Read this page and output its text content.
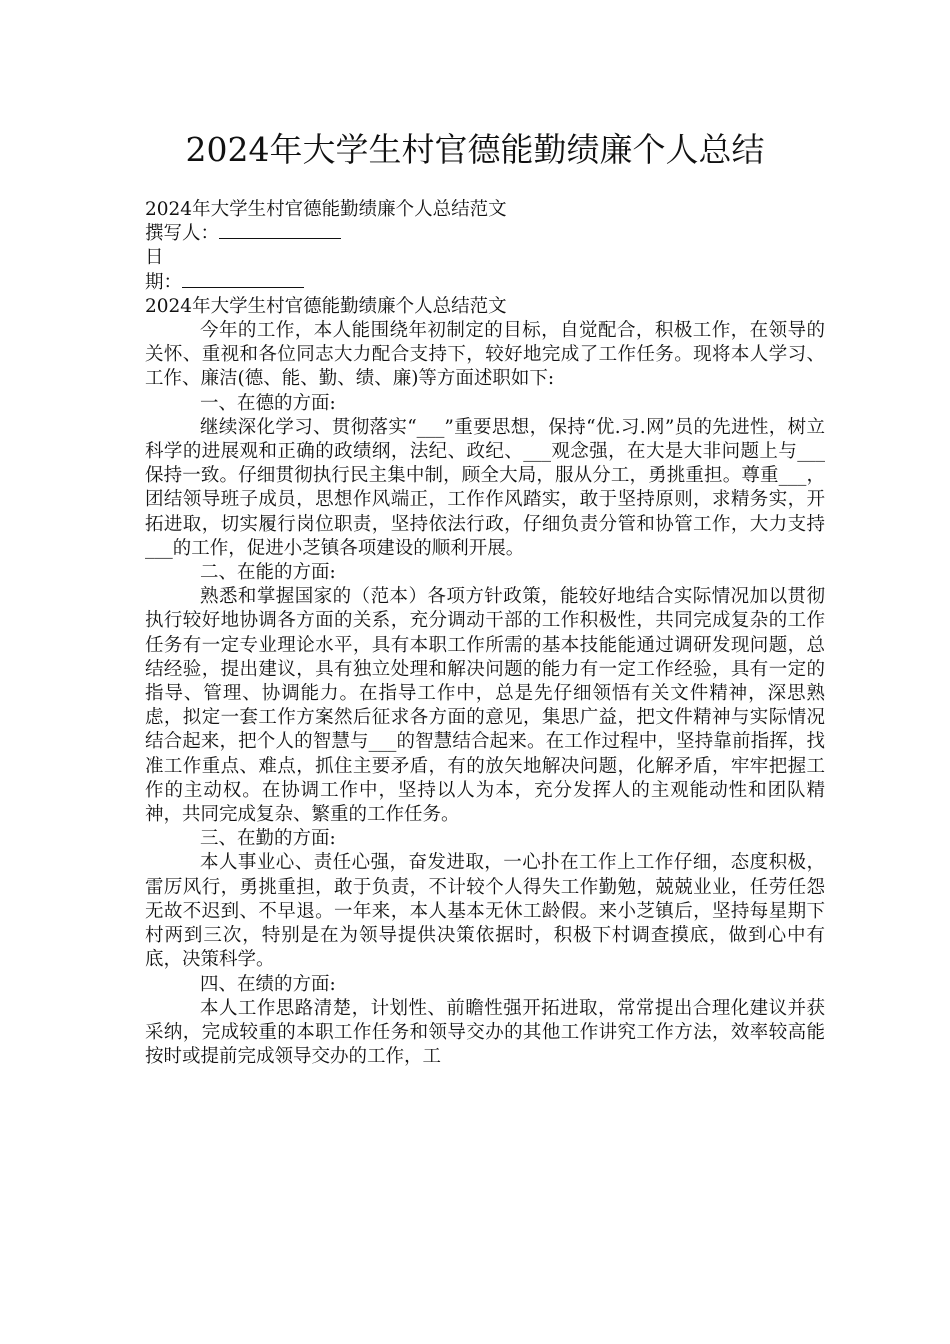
2024年大学生村官德能勤绩廉个人总结

2024年大学生村官德能勤绩廉个人总结范文

撰写人：

日

期：

2024年大学生村官德能勤绩廉个人总结范文

今年的工作，本人能围绕年初制定的目标，自觉配合，积极工作，在领导的关怀、重视和各位同志大力配合支持下，较好地完成了工作任务。现将本人学习、工作、廉洁(德、能、勤、绩、廉)等方面述职如下:

一、在德的方面:

继续深化学习、贯彻落实“___”重要思想，保持“优.习.网”员的先进性，树立科学的进展观和正确的政绩纲，法纪、政纪、___观念强，在大是大非问题上与___保持一致。仔细贯彻执行民主集中制，顾全大局，服从分工，勇挑重担。尊重___，团结领导班子成员，思想作风端正，工作作风踏实，敢于坚持原则，求精务实，开拓进取，切实履行岗位职责，坚持依法行政，仔细负责分管和协管工作，大力支持___的工作，促进小芝镇各项建设的顺利开展。

二、在能的方面:

熟悉和掌握国家的（范本）各项方针政策，能较好地结合实际情况加以贯彻执行较好地协调各方面的关系，充分调动干部的工作积极性，共同完成复杂的工作任务有一定专业理论水平，具有本职工作所需的基本技能能通过调研发现问题，总结经验，提出建议，具有独立处理和解决问题的能力有一定工作经验，具有一定的指导、管理、协调能力。在指导工作中，总是先仔细领悟有关文件精神，深思熟虑，拟定一套工作方案然后征求各方面的意见，集思广益，把文件精神与实际情况结合起来，把个人的智慧与___的智慧结合起来。在工作过程中，坚持靠前指挥，找准工作重点、难点，抓住主要矛盾，有的放矢地解决问题，化解矛盾，牢牢把握工作的主动权。在协调工作中，坚持以人为本，充分发挥人的主观能动性和团队精神，共同完成复杂、繁重的工作任务。

三、在勤的方面:

本人事业心、责任心强，奋发进取，一心扑在工作上工作仔细，态度积极，雷厉风行，勇挑重担，敢于负责，不计较个人得失工作勤勉，兢兢业业，任劳任怨无故不迟到、不早退。一年来，本人基本无休工龄假。来小芝镇后，坚持每星期下村两到三次，特别是在为领导提供决策依据时，积极下村调查摸底，做到心中有底，决策科学。

四、在绩的方面:

本人工作思路清楚，计划性、前瞻性强开拓进取，常常提出合理化建议并获采纳，完成较重的本职工作任务和领导交办的其他工作讲究工作方法，效率较高能按时或提前完成领导交办的工作，工
